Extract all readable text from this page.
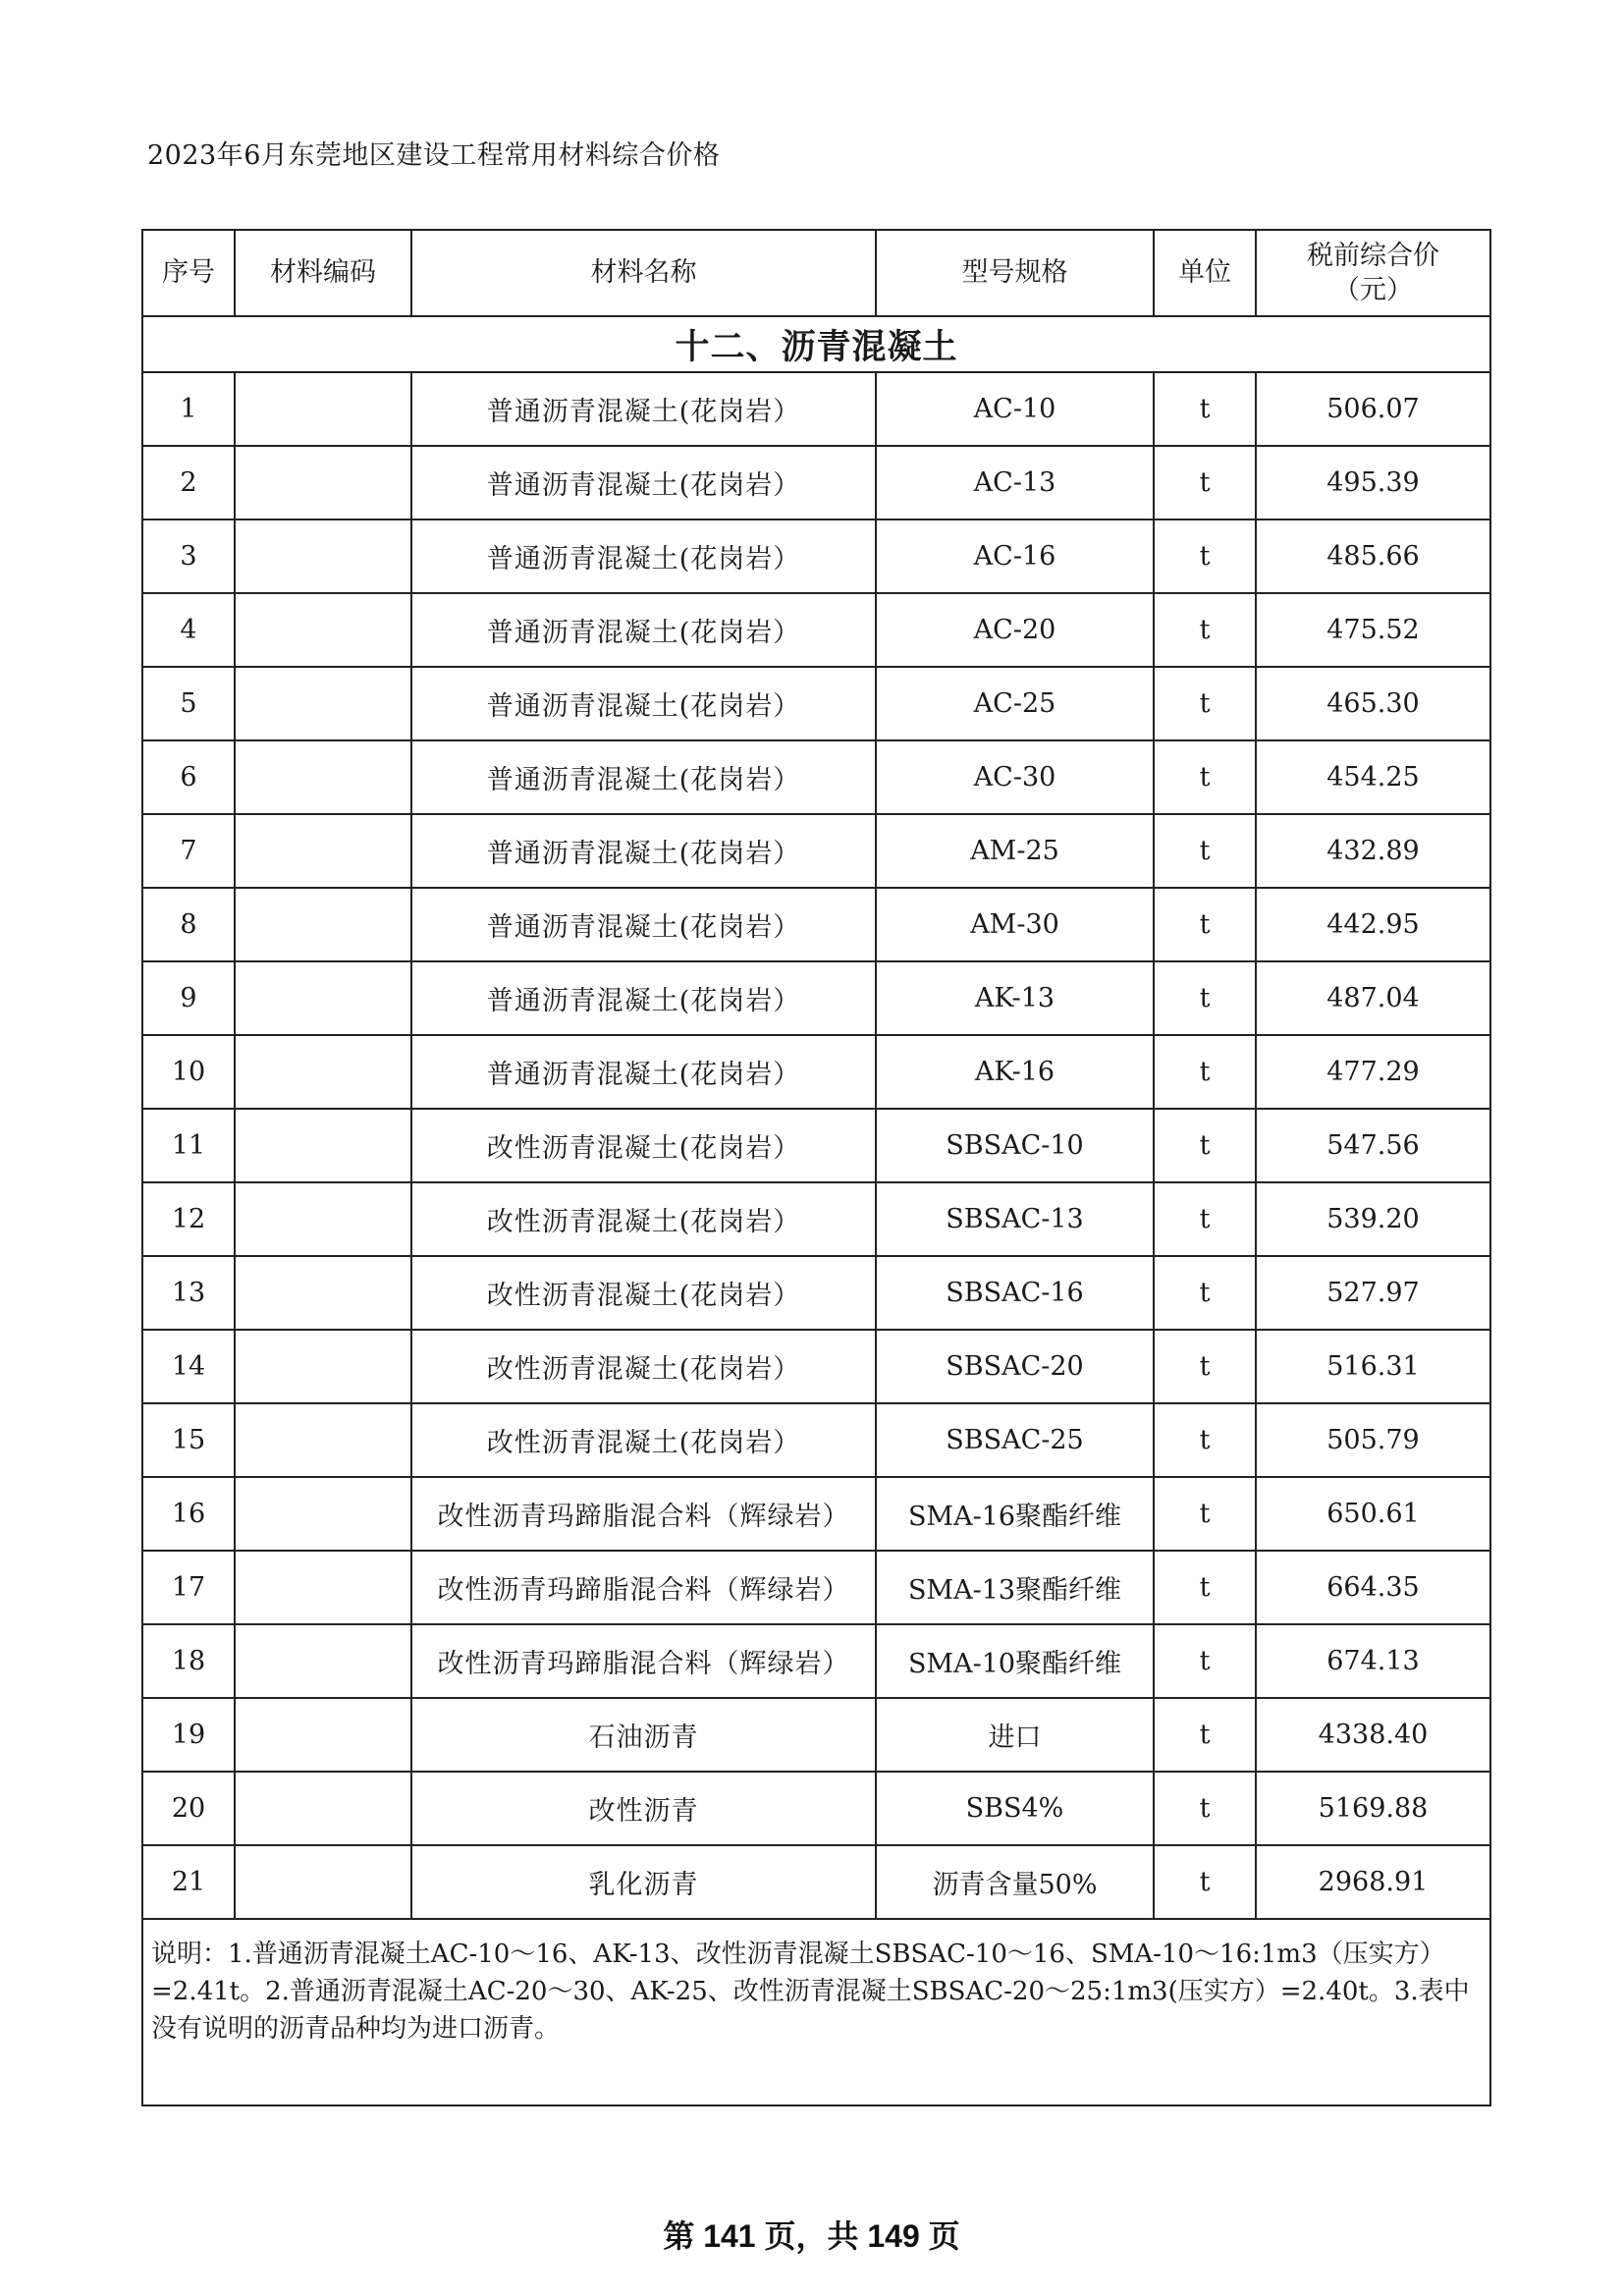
2023年6月东莞地区建设工程常用材料综合价格
序号	材料编码	材料名称	型号规格	单位	税前综合价
（元）

十二、沥青混凝土					
1		普通沥青混凝土(花岗岩）	AC-10	t	506.07
2		普通沥青混凝土(花岗岩）	AC-13	t	495.39
3		普通沥青混凝土(花岗岩）	AC-16	t	485.66
4		普通沥青混凝土(花岗岩）	AC-20	t	475.52
5		普通沥青混凝土(花岗岩）	AC-25	t	465.30
6		普通沥青混凝土(花岗岩）	AC-30	t	454.25
7		普通沥青混凝土(花岗岩）	AM-25	t	432.89
8		普通沥青混凝土(花岗岩）	AM-30	t	442.95
9		普通沥青混凝土(花岗岩）	AK-13	t	487.04
10		普通沥青混凝土(花岗岩）	AK-16	t	477.29
11		改性沥青混凝土(花岗岩）	SBSAC-10	t	547.56
12		改性沥青混凝土(花岗岩）	SBSAC-13	t	539.20
13		改性沥青混凝土(花岗岩）	SBSAC-16	t	527.97
14		改性沥青混凝土(花岗岩）	SBSAC-20	t	516.31
15		改性沥青混凝土(花岗岩）	SBSAC-25	t	505.79
16		改性沥青玛蹄脂混合料（辉绿岩）	SMA-16聚酯纤维	t	650.61
17		改性沥青玛蹄脂混合料（辉绿岩）	SMA-13聚酯纤维	t	664.35
18		改性沥青玛蹄脂混合料（辉绿岩）	SMA-10聚酯纤维	t	674.13
19		石油沥青	进口	t	4338.40
20		改性沥青	SBS4%	t	5169.88
21		乳化沥青	沥青含量50%	t	2968.91
说明：1.普通沥青混凝土AC-10～16、AK-13、改性沥青混凝土SBSAC-10～16、SMA-10～16:1m3（压实方）=2.41t。2.普通沥青混凝土AC-20～30、AK-25、改性沥青混凝土SBSAC-20～25:1m3(压实方）=2.40t。3.表中没有说明的沥青品种均为进口沥青。					
第 141 页，共 149 页
